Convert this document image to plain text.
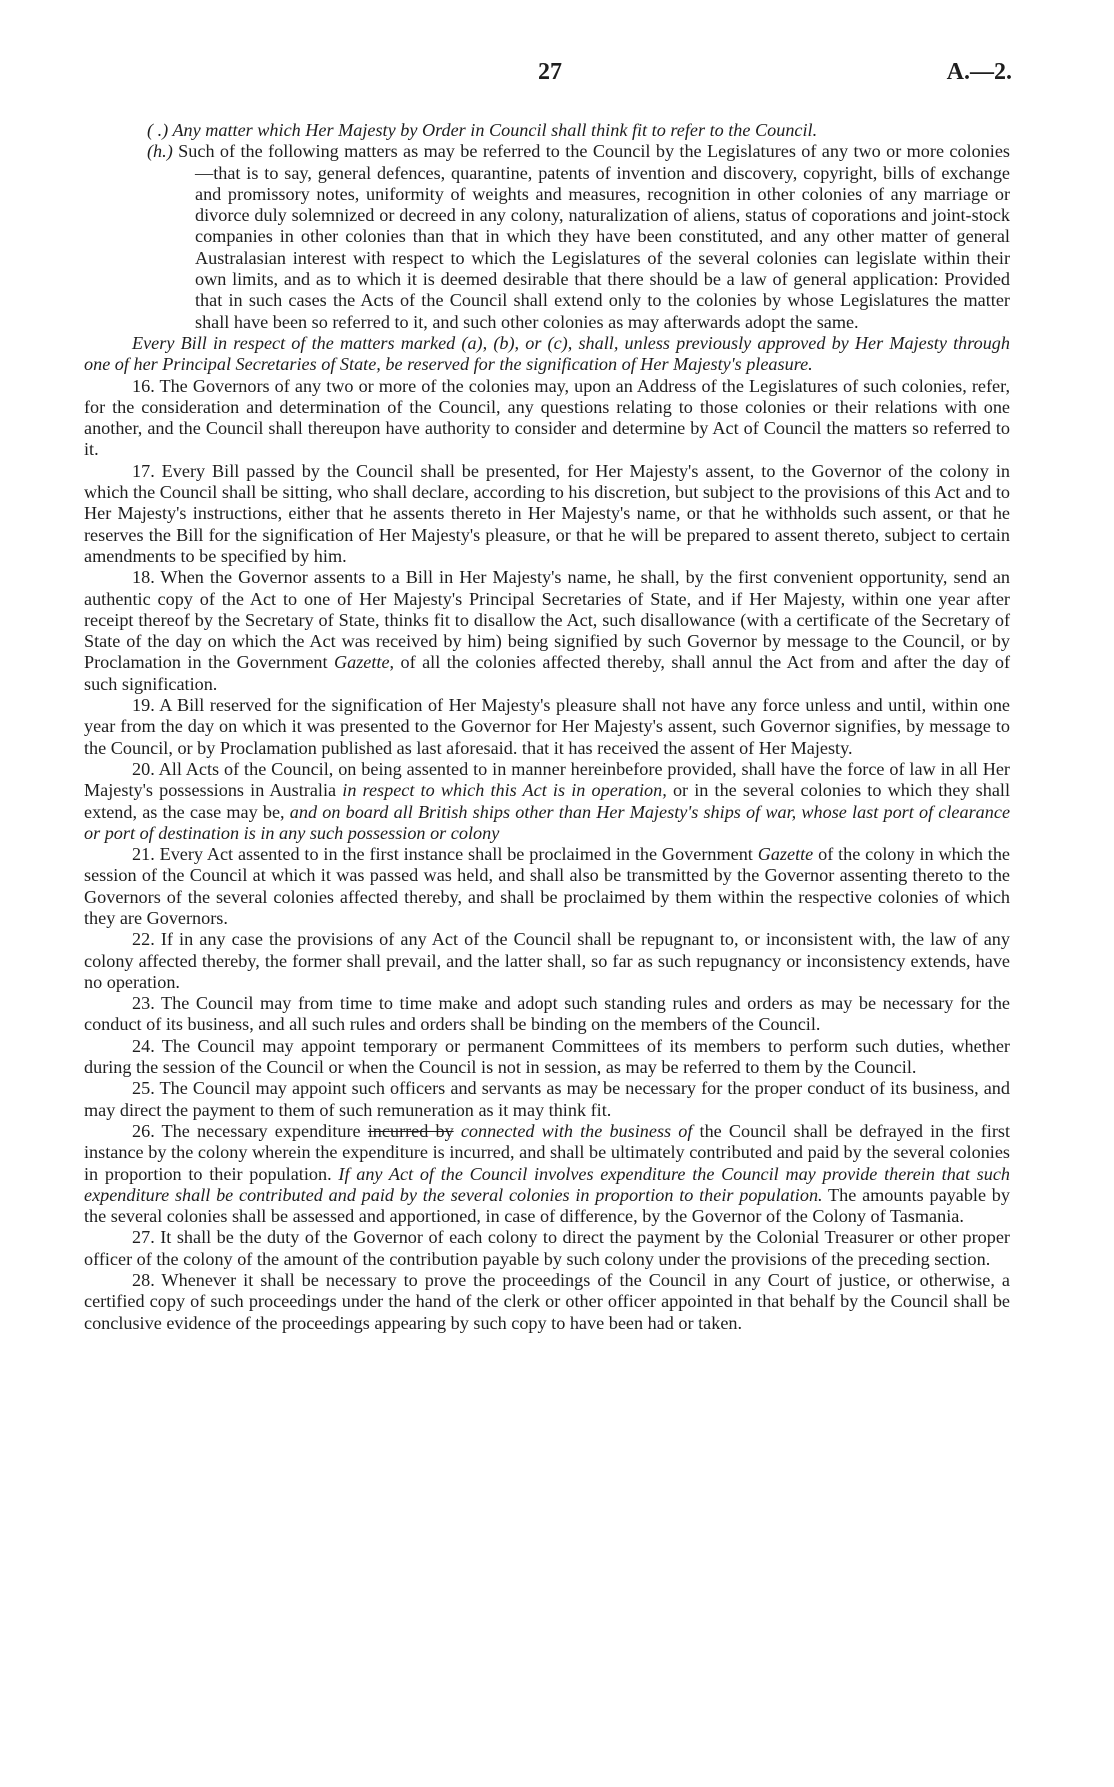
27	A.—2.

( .) Any matter which Her Majesty by Order in Council shall think fit to refer to the Council.

(h.) Such of the following matters as may be referred to the Council by the Legislatures of any two or more colonies—that is to say, general defences, quarantine, patents of invention and discovery, copyright, bills of exchange and promissory notes, uniformity of weights and measures, recognition in other colonies of any marriage or divorce duly solemnized or decreed in any colony, naturalization of aliens, status of coporations and joint-stock companies in other colonies than that in which they have been constituted, and any other matter of general Australasian interest with respect to which the Legislatures of the several colonies can legislate within their own limits, and as to which it is deemed desirable that there should be a law of general application: Provided that in such cases the Acts of the Council shall extend only to the colonies by whose Legislatures the matter shall have been so referred to it, and such other colonies as may afterwards adopt the same.

Every Bill in respect of the matters marked (a), (b), or (c), shall, unless previously approved by Her Majesty through one of her Principal Secretaries of State, be reserved for the signification of Her Majesty's pleasure.

16. The Governors of any two or more of the colonies may, upon an Address of the Legislatures of such colonies, refer, for the consideration and determination of the Council, any questions relating to those colonies or their relations with one another, and the Council shall thereupon have authority to consider and determine by Act of Council the matters so referred to it.

17. Every Bill passed by the Council shall be presented, for Her Majesty's assent, to the Governor of the colony in which the Council shall be sitting, who shall declare, according to his discretion, but subject to the provisions of this Act and to Her Majesty's instructions, either that he assents thereto in Her Majesty's name, or that he withholds such assent, or that he reserves the Bill for the signification of Her Majesty's pleasure, or that he will be prepared to assent thereto, subject to certain amendments to be specified by him.

18. When the Governor assents to a Bill in Her Majesty's name, he shall, by the first convenient opportunity, send an authentic copy of the Act to one of Her Majesty's Principal Secretaries of State, and if Her Majesty, within one year after receipt thereof by the Secretary of State, thinks fit to disallow the Act, such disallowance (with a certificate of the Secretary of State of the day on which the Act was received by him) being signified by such Governor by message to the Council, or by Proclamation in the Government Gazette, of all the colonies affected thereby, shall annul the Act from and after the day of such signification.

19. A Bill reserved for the signification of Her Majesty's pleasure shall not have any force unless and until, within one year from the day on which it was presented to the Governor for Her Majesty's assent, such Governor signifies, by message to the Council, or by Proclamation published as last aforesaid. that it has received the assent of Her Majesty.

20. All Acts of the Council, on being assented to in manner hereinbefore provided, shall have the force of law in all Her Majesty's possessions in Australia in respect to which this Act is in operation, or in the several colonies to which they shall extend, as the case may be, and on board all British ships other than Her Majesty's ships of war, whose last port of clearance or port of destination is in any such possession or colony

21. Every Act assented to in the first instance shall be proclaimed in the Government Gazette of the colony in which the session of the Council at which it was passed was held, and shall also be transmitted by the Governor assenting thereto to the Governors of the several colonies affected thereby, and shall be proclaimed by them within the respective colonies of which they are Governors.

22. If in any case the provisions of any Act of the Council shall be repugnant to, or inconsistent with, the law of any colony affected thereby, the former shall prevail, and the latter shall, so far as such repugnancy or inconsistency extends, have no operation.

23. The Council may from time to time make and adopt such standing rules and orders as may be necessary for the conduct of its business, and all such rules and orders shall be binding on the members of the Council.

24. The Council may appoint temporary or permanent Committees of its members to perform such duties, whether during the session of the Council or when the Council is not in session, as may be referred to them by the Council.

25. The Council may appoint such officers and servants as may be necessary for the proper conduct of its business, and may direct the payment to them of such remuneration as it may think fit.

26. The necessary expenditure incurred by connected with the business of the Council shall be defrayed in the first instance by the colony wherein the expenditure is incurred, and shall be ultimately contributed and paid by the several colonies in proportion to their population. If any Act of the Council involves expenditure the Council may provide therein that such expenditure shall be contributed and paid by the several colonies in proportion to their population. The amounts payable by the several colonies shall be assessed and apportioned, in case of difference, by the Governor of the Colony of Tasmania.

27. It shall be the duty of the Governor of each colony to direct the payment by the Colonial Treasurer or other proper officer of the colony of the amount of the contribution payable by such colony under the provisions of the preceding section.

28. Whenever it shall be necessary to prove the proceedings of the Council in any Court of justice, or otherwise, a certified copy of such proceedings under the hand of the clerk or other officer appointed in that behalf by the Council shall be conclusive evidence of the proceedings appearing by such copy to have been had or taken.
